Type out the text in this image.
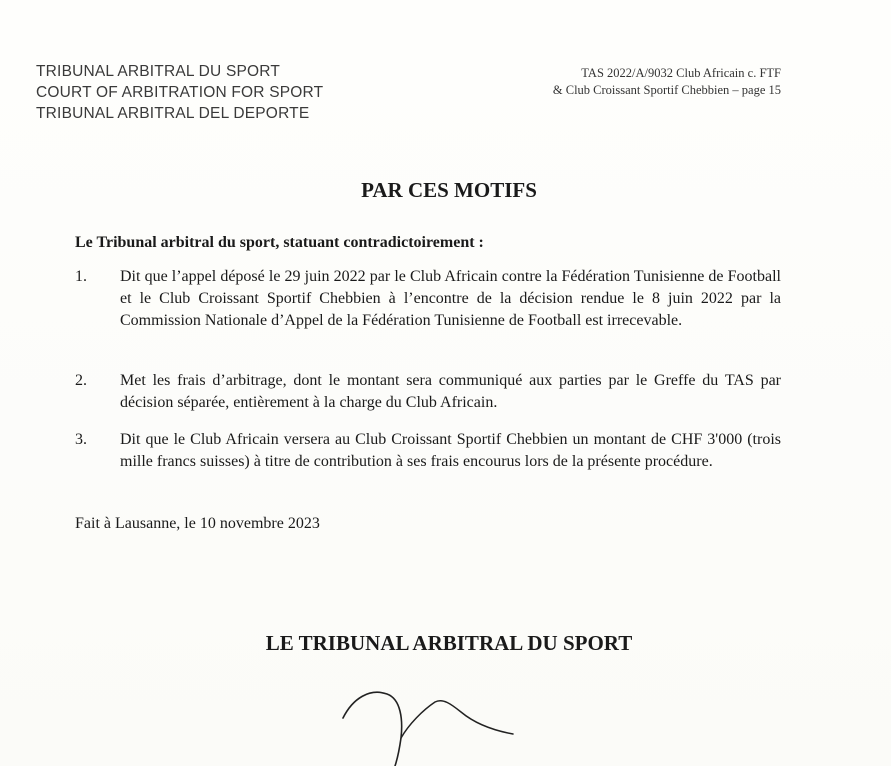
TRIBUNAL ARBITRAL DU SPORT
COURT OF ARBITRATION FOR SPORT
TRIBUNAL ARBITRAL DEL DEPORTE
TAS 2022/A/9032 Club Africain c. FTF
& Club Croissant Sportif Chebbien – page 15
PAR CES MOTIFS
Le Tribunal arbitral du sport, statuant contradictoirement :
1.	Dit que l’appel déposé le 29 juin 2022 par le Club Africain contre la Fédération Tunisienne de Football et le Club Croissant Sportif Chebbien à l’encontre de la décision rendue le 8 juin 2022 par la Commission Nationale d’Appel de la Fédération Tunisienne de Football est irrecevable.
2.	Met les frais d’arbitrage, dont le montant sera communiqué aux parties par le Greffe du TAS par décision séparée, entièrement à la charge du Club Africain.
3.	Dit que le Club Africain versera au Club Croissant Sportif Chebbien un montant de CHF 3'000 (trois mille francs suisses) à titre de contribution à ses frais encourus lors de la présente procédure.
Fait à Lausanne, le 10 novembre 2023
LE TRIBUNAL ARBITRAL DU SPORT
